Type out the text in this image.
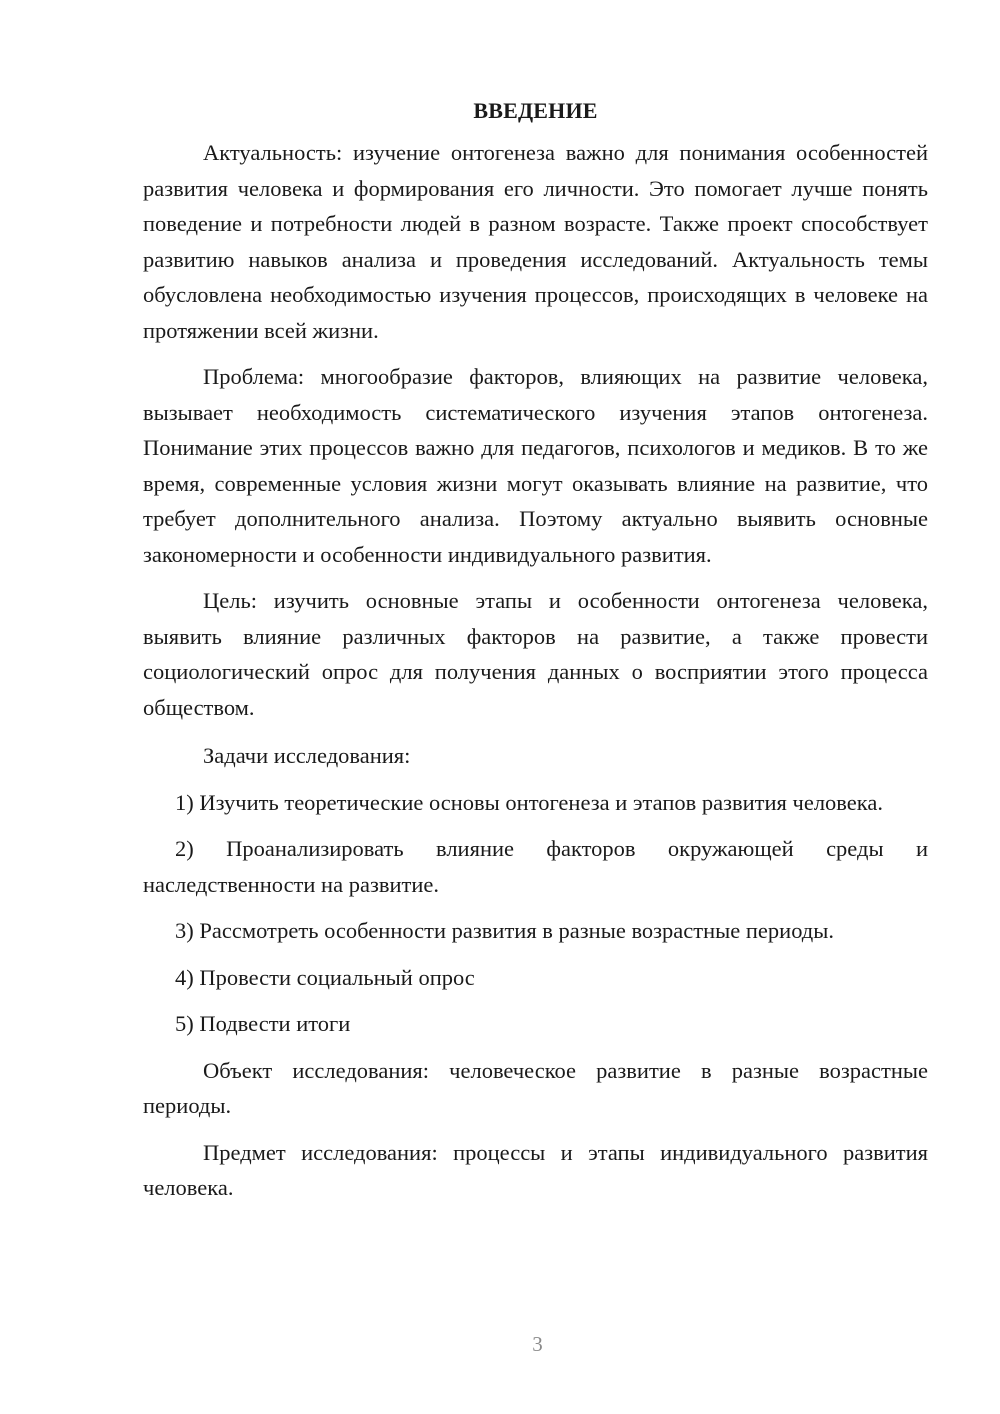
ВВЕДЕНИЕ

Актуальность: изучение онтогенеза важно для понимания особенностей развития человека и формирования его личности. Это помогает лучше понять поведение и потребности людей в разном возрасте. Также проект способствует развитию навыков анализа и проведения исследований. Актуальность темы обусловлена необходимостью изучения процессов, происходящих в человеке на протяжении всей жизни.

Проблема: многообразие факторов, влияющих на развитие человека, вызывает необходимость систематического изучения этапов онтогенеза. Понимание этих процессов важно для педагогов, психологов и медиков. В то же время, современные условия жизни могут оказывать влияние на развитие, что требует дополнительного анализа. Поэтому актуально выявить основные закономерности и особенности индивидуального развития.

Цель: изучить основные этапы и особенности онтогенеза человека, выявить влияние различных факторов на развитие, а также провести социологический опрос для получения данных о восприятии этого процесса обществом.

Задачи исследования:

1) Изучить теоретические основы онтогенеза и этапов развития человека.

2) Проанализировать влияние факторов окружающей среды и наследственности на развитие.

3) Рассмотреть особенности развития в разные возрастные периоды.

4) Провести социальный опрос

5) Подвести итоги

Объект исследования: человеческое развитие в разные возрастные периоды.

Предмет исследования: процессы и этапы индивидуального развития человека.

3
